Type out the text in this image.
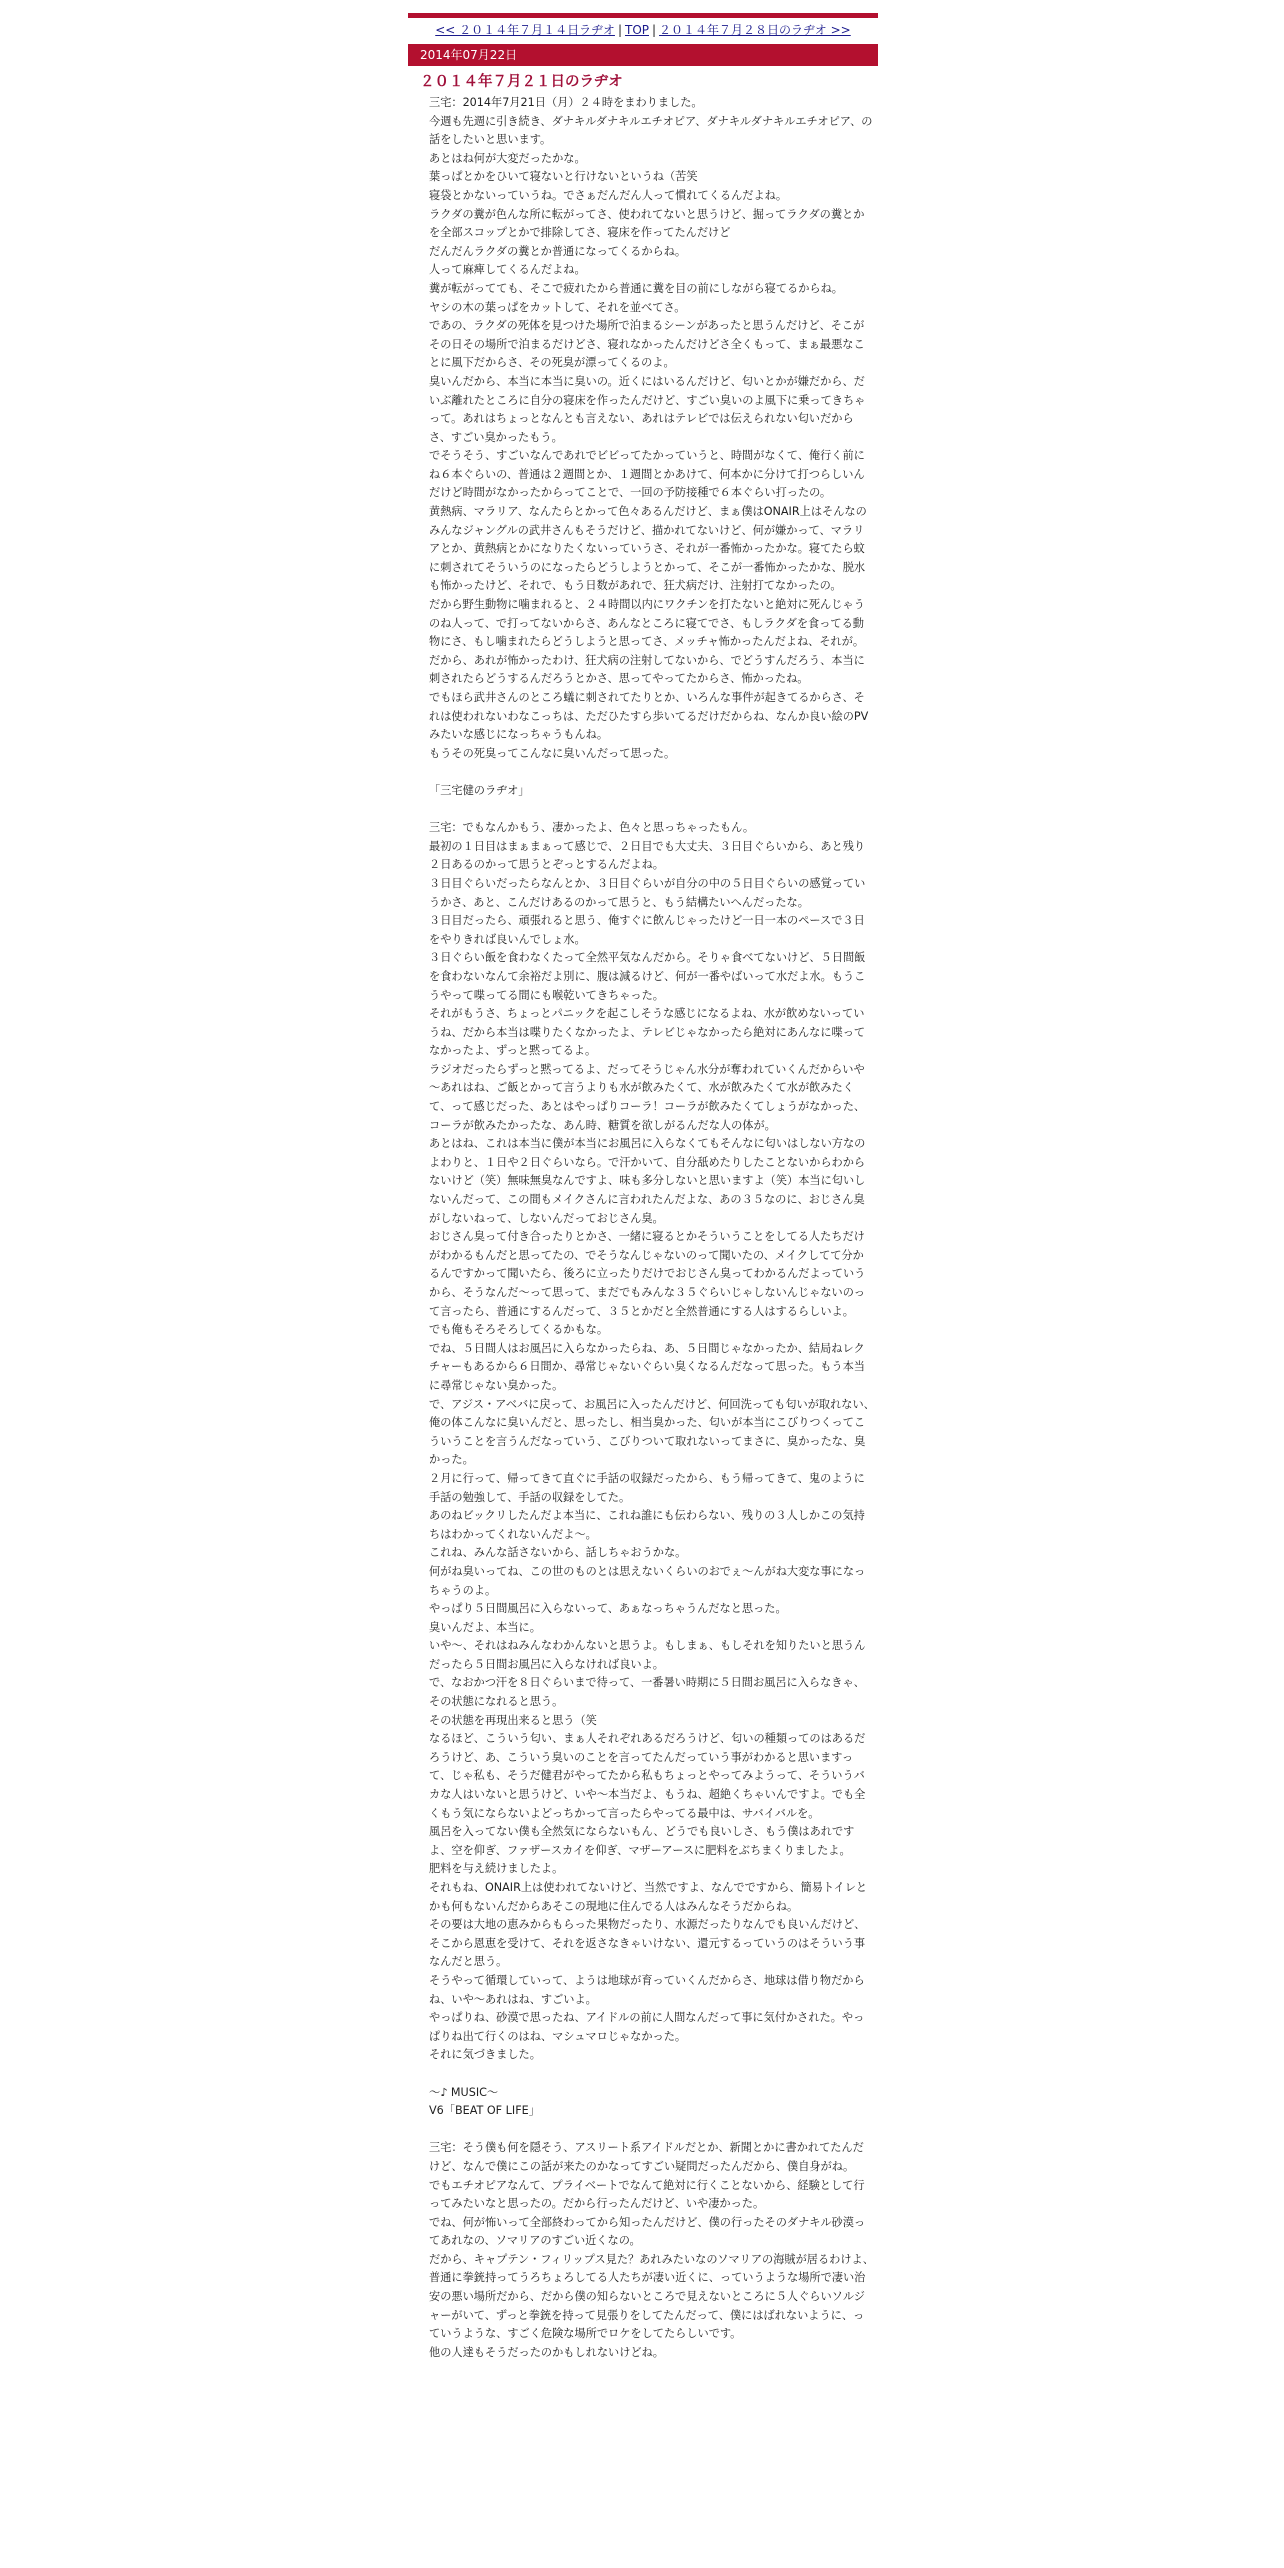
<< ２０１４年７月１４日ラヂオ | TOP | ２０１４年７月２８日のラヂオ >>
2014年07月22日
２０１４年７月２１日のラヂオ
三宅：2014年7月21日（月）２４時をまわりました。
今週も先週に引き続き、ダナキルダナキルエチオピア、ダナキルダナキルエチオピア、の話をしたいと思います。
あとはね何が大変だったかな。
葉っぱとかをひいて寝ないと行けないというね（苦笑
寝袋とかないっていうね。でさぁだんだん人って慣れてくるんだよね。
ラクダの糞が色んな所に転がってさ、使われてないと思うけど、掘ってラクダの糞とかを全部スコップとかで排除してさ、寝床を作ってたんだけど
だんだんラクダの糞とか普通になってくるからね。
人って麻痺してくるんだよね。
糞が転がってても、そこで疲れたから普通に糞を目の前にしながら寝てるからね。
ヤシの木の葉っぱをカットして、それを並べてさ。
であの、ラクダの死体を見つけた場所で泊まるシーンがあったと思うんだけど、そこがその日その場所で泊まるだけどさ、寝れなかったんだけどさ全くもって、まぁ最悪なことに風下だからさ、その死臭が漂ってくるのよ。
臭いんだから、本当に本当に臭いの。近くにはいるんだけど、匂いとかが嫌だから、だいぶ離れたところに自分の寝床を作ったんだけど、すごい臭いのよ風下に乗ってきちゃって。あれはちょっとなんとも言えない、あれはテレビでは伝えられない匂いだからさ、すごい臭かったもう。
でそうそう、すごいなんであれでビビってたかっていうと、時間がなくて、俺行く前にね６本ぐらいの、普通は２週間とか、１週間とかあけて、何本かに分けて打つらしいんだけど時間がなかったからってことで、一回の予防接種で６本ぐらい打ったの。
黄熱病、マラリア、なんたらとかって色々あるんだけど、まぁ僕はONAIR上はそんなのみんなジャングルの武井さんもそうだけど、描かれてないけど、何が嫌かって、マラリアとか、黄熱病とかになりたくないっていうさ、それが一番怖かったかな。寝てたら蚊に刺されてそういうのになったらどうしようとかって、そこが一番怖かったかな、脱水も怖かったけど、それで、もう日数があれで、狂犬病だけ、注射打てなかったの。
だから野生動物に噛まれると、２４時間以内にワクチンを打たないと絶対に死んじゃうのね人って、で打ってないからさ、あんなところに寝てでさ、もしラクダを食ってる動物にさ、もし噛まれたらどうしようと思ってさ、メッチャ怖かったんだよね、それが。
だから、あれが怖かったわけ、狂犬病の注射してないから、でどうすんだろう、本当に刺されたらどうするんだろうとかさ、思ってやってたからさ、怖かったね。
でもほら武井さんのところ蟻に刺されてたりとか、いろんな事件が起きてるからさ、それは使われないわなこっちは、ただひたすら歩いてるだけだからね、なんか良い絵のPVみたいな感じになっちゃうもんね。
もうその死臭ってこんなに臭いんだって思った。

「三宅健のラヂオ」

三宅：でもなんかもう、凄かったよ、色々と思っちゃったもん。
最初の１日目はまぁまぁって感じで、２日目でも大丈夫、３日目ぐらいから、あと残り２日あるのかって思うとぞっとするんだよね。
３日目ぐらいだったらなんとか、３日目ぐらいが自分の中の５日目ぐらいの感覚っていうかさ、あと、こんだけあるのかって思うと、もう結構たいへんだったな。
３日目だったら、頑張れると思う、俺すぐに飲んじゃったけど一日一本のペースで３日をやりきれば良いんでしょ水。
３日ぐらい飯を食わなくたって全然平気なんだから。そりゃ食べてないけど、５日間飯を食わないなんて余裕だよ別に、腹は減るけど、何が一番やばいって水だよ水。もうこうやって喋ってる間にも喉乾いてきちゃった。
それがもうさ、ちょっとパニックを起こしそうな感じになるよね、水が飲めないっていうね、だから本当は喋りたくなかったよ、テレビじゃなかったら絶対にあんなに喋ってなかったよ、ずっと黙ってるよ。
ラジオだったらずっと黙ってるよ、だってそうじゃん水分が奪われていくんだからいや～あれはね、ご飯とかって言うよりも水が飲みたくて、水が飲みたくて水が飲みたくて、って感じだった、あとはやっぱりコーラ！コーラが飲みたくてしょうがなかった、コーラが飲みたかったな、あん時、糖質を欲しがるんだな人の体が。
あとはね、これは本当に僕が本当にお風呂に入らなくてもそんなに匂いはしない方なのよわりと、１日や２日ぐらいなら。で汗かいて、自分舐めたりしたことないからわからないけど（笑）無味無臭なんですよ、味も多分しないと思いますよ（笑）本当に匂いしないんだって、この間もメイクさんに言われたんだよな、あの３５なのに、おじさん臭がしないねって、しないんだっておじさん臭。
おじさん臭って付き合ったりとかさ、一緒に寝るとかそういうことをしてる人たちだけがわかるもんだと思ってたの、でそうなんじゃないのって聞いたの、メイクしてて分かるんですかって聞いたら、後ろに立ったりだけでおじさん臭ってわかるんだよっていうから、そうなんだ～って思って、まだでもみんな３５ぐらいじゃしないんじゃないのって言ったら、普通にするんだって、３５とかだと全然普通にする人はするらしいよ。
でも俺もそろそろしてくるかもな。
でね、５日間人はお風呂に入らなかったらね、あ、５日間じゃなかったか、結局ねレクチャーもあるから６日間か、尋常じゃないぐらい臭くなるんだなって思った。もう本当に尋常じゃない臭かった。
で、アジス・アベバに戻って、お風呂に入ったんだけど、何回洗っても匂いが取れない、俺の体こんなに臭いんだと、思ったし、相当臭かった、匂いが本当にこびりつくってこういうことを言うんだなっていう、こびりついて取れないってまさに、臭かったな、臭かった。
２月に行って、帰ってきて直ぐに手話の収録だったから、もう帰ってきて、鬼のように手話の勉強して、手話の収録をしてた。
あのねビックリしたんだよ本当に、これね誰にも伝わらない、残りの３人しかこの気持ちはわかってくれないんだよ～。
これね、みんな話さないから、話しちゃおうかな。
何がね臭いってね、この世のものとは思えないくらいのおでぇ～んがね大変な事になっちゃうのよ。
やっぱり５日間風呂に入らないって、あぁなっちゃうんだなと思った。
臭いんだよ、本当に。
いや～、それはねみんなわかんないと思うよ。もしまぁ、もしそれを知りたいと思うんだったら５日間お風呂に入らなければ良いよ。
で、なおかつ汗を８日ぐらいまで待って、一番暑い時期に５日間お風呂に入らなきゃ、その状態になれると思う。
その状態を再現出来ると思う（笑
なるほど、こういう匂い、まぁ人それぞれあるだろうけど、匂いの種類ってのはあるだろうけど、あ、こういう臭いのことを言ってたんだっていう事がわかると思いますって、じゃ私も、そうだ健君がやってたから私もちょっとやってみようって、そういうバカな人はいないと思うけど、いや～本当だよ、もうね、超絶くちゃいんですよ。でも全くもう気にならないよどっちかって言ったらやってる最中は、サバイバルを。
風呂を入ってない僕も全然気にならないもん、どうでも良いしさ、もう僕はあれですよ、空を仰ぎ、ファザースカイを仰ぎ、マザーアースに肥料をぶちまくりましたよ。
肥料を与え続けましたよ。
それもね、ONAIR上は使われてないけど、当然ですよ、なんでですから、簡易トイレとかも何もないんだからあそこの現地に住んでる人はみんなそうだからね。
その要は大地の恵みからもらった果物だったり、水源だったりなんでも良いんだけど、そこから恩恵を受けて、それを返さなきゃいけない、還元するっていうのはそういう事なんだと思う。
そうやって循環していって、ようは地球が育っていくんだからさ、地球は借り物だからね、いや～あれはね、すごいよ。
やっぱりね、砂漠で思ったね、アイドルの前に人間なんだって事に気付かされた。やっぱりね出て行くのはね、マシュマロじゃなかった。
それに気づきました。

～♪ MUSIC～
V6「BEAT OF LIFE」

三宅：そう僕も何を隠そう、アスリート系アイドルだとか、新聞とかに書かれてたんだけど、なんで僕にこの話が来たのかなってすごい疑問だったんだから、僕自身がね。
でもエチオピアなんて、プライベートでなんて絶対に行くことないから、経験として行ってみたいなと思ったの。だから行ったんだけど、いや凄かった。
でね、何が怖いって全部終わってから知ったんだけど、僕の行ったそのダナキル砂漠ってあれなの、ソマリアのすごい近くなの。
だから、キャプテン・フィリップス見た？あれみたいなのソマリアの海賊が居るわけよ、普通に拳銃持ってうろちょろしてる人たちが凄い近くに、っていうような場所で凄い治安の悪い場所だから、だから僕の知らないところで見えないところに５人ぐらいソルジャーがいて、ずっと拳銃を持って見張りをしてたんだって、僕にはばれないように、っていうような、すごく危険な場所でロケをしてたらしいです。
他の人達もそうだったのかもしれないけどね。
